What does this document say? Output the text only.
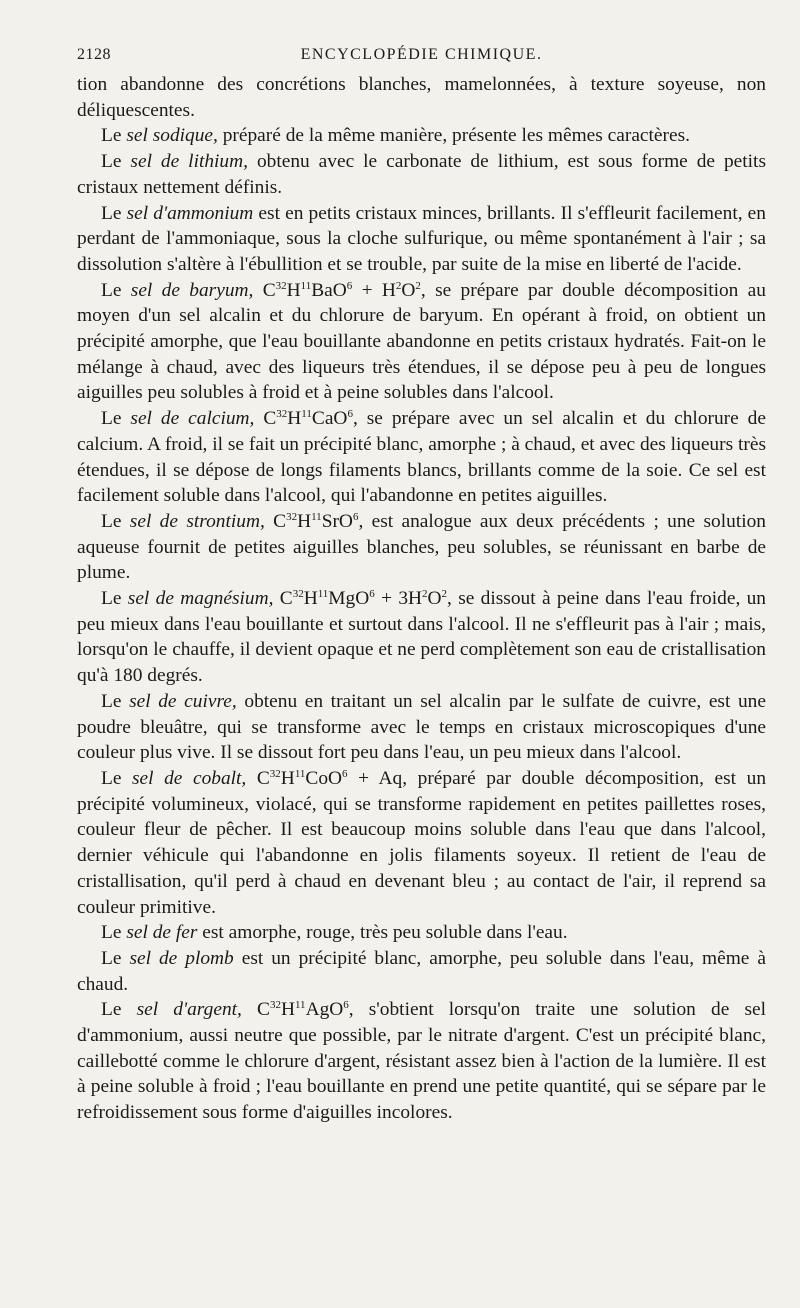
2128	ENCYCLOPÉDIE CHIMIQUE.

tion abandonne des concrétions blanches, mamelonnées, à texture soyeuse, non déliquescentes.

Le sel sodique, préparé de la même manière, présente les mêmes caractères.

Le sel de lithium, obtenu avec le carbonate de lithium, est sous forme de petits cristaux nettement définis.

Le sel d'ammonium est en petits cristaux minces, brillants. Il s'effleurit facilement, en perdant de l'ammoniaque, sous la cloche sulfurique, ou même spontanément à l'air ; sa dissolution s'altère à l'ébullition et se trouble, par suite de la mise en liberté de l'acide.

Le sel de baryum, $C^{32}H^{11}BaO^6 + H^2O^2$, se prépare par double décomposition au moyen d'un sel alcalin et du chlorure de baryum. En opérant à froid, on obtient un précipité amorphe, que l'eau bouillante abandonne en petits cristaux hydratés. Fait-on le mélange à chaud, avec des liqueurs très étendues, il se dépose peu à peu de longues aiguilles peu solubles à froid et à peine solubles dans l'alcool.

Le sel de calcium, $C^{32}H^{11}CaO^6$, se prépare avec un sel alcalin et du chlorure de calcium. A froid, il se fait un précipité blanc, amorphe ; à chaud, et avec des liqueurs très étendues, il se dépose de longs filaments blancs, brillants comme de la soie. Ce sel est facilement soluble dans l'alcool, qui l'abandonne en petites aiguilles.

Le sel de strontium, $C^{32}H^{11}SrO^6$, est analogue aux deux précédents ; une solution aqueuse fournit de petites aiguilles blanches, peu solubles, se réunissant en barbe de plume.

Le sel de magnésium, $C^{32}H^{11}MgO^6 + 3H^2O^2$, se dissout à peine dans l'eau froide, un peu mieux dans l'eau bouillante et surtout dans l'alcool. Il ne s'effleurit pas à l'air ; mais, lorsqu'on le chauffe, il devient opaque et ne perd complètement son eau de cristallisation qu'à 180 degrés.

Le sel de cuivre, obtenu en traitant un sel alcalin par le sulfate de cuivre, est une poudre bleuâtre, qui se transforme avec le temps en cristaux microscopiques d'une couleur plus vive. Il se dissout fort peu dans l'eau, un peu mieux dans l'alcool.

Le sel de cobalt, $C^{32}H^{11}CoO^6 + Aq$, préparé par double décomposition, est un précipité volumineux, violacé, qui se transforme rapidement en petites paillettes roses, couleur fleur de pêcher. Il est beaucoup moins soluble dans l'eau que dans l'alcool, dernier véhicule qui l'abandonne en jolis filaments soyeux. Il retient de l'eau de cristallisation, qu'il perd à chaud en devenant bleu ; au contact de l'air, il reprend sa couleur primitive.

Le sel de fer est amorphe, rouge, très peu soluble dans l'eau.

Le sel de plomb est un précipité blanc, amorphe, peu soluble dans l'eau, même à chaud.

Le sel d'argent, $C^{32}H^{11}AgO^6$, s'obtient lorsqu'on traite une solution de sel d'ammonium, aussi neutre que possible, par le nitrate d'argent. C'est un précipité blanc, caillebotté comme le chlorure d'argent, résistant assez bien à l'action de la lumière. Il est à peine soluble à froid ; l'eau bouillante en prend une petite quantité, qui se sépare par le refroidissement sous forme d'aiguilles incolores.
